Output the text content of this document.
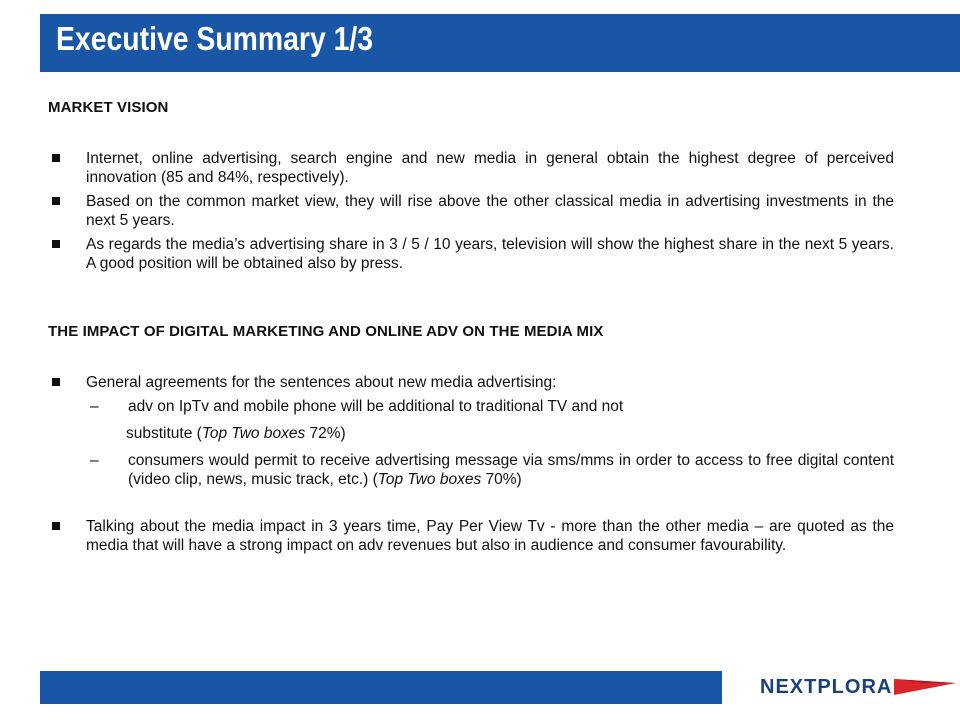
Executive Summary 1/3

MARKET VISION

Internet, online advertising, search engine and new media in general obtain the highest degree of perceived innovation (85 and 84%, respectively).
Based on the common market view, they will rise above the other classical media in advertising investments in the next 5 years.
As regards the media’s advertising share in 3 / 5 / 10 years, television will show the highest share in the next 5 years. A good position will be obtained also by press.

THE IMPACT OF DIGITAL MARKETING AND ONLINE ADV ON THE MEDIA MIX

General agreements for the sentences about new media advertising:
– adv on IpTv and mobile phone will be additional to traditional TV and not
substitute (Top Two boxes 72%)
– consumers would permit to receive advertising message via sms/mms in order to access to free digital content (video clip, news, music track, etc.) (Top Two boxes 70%)
Talking about the media impact in 3 years time, Pay Per View Tv - more than the other media – are quoted as the media that will have a strong impact on adv revenues but also in audience and consumer favourability.
NEXTPLORA
